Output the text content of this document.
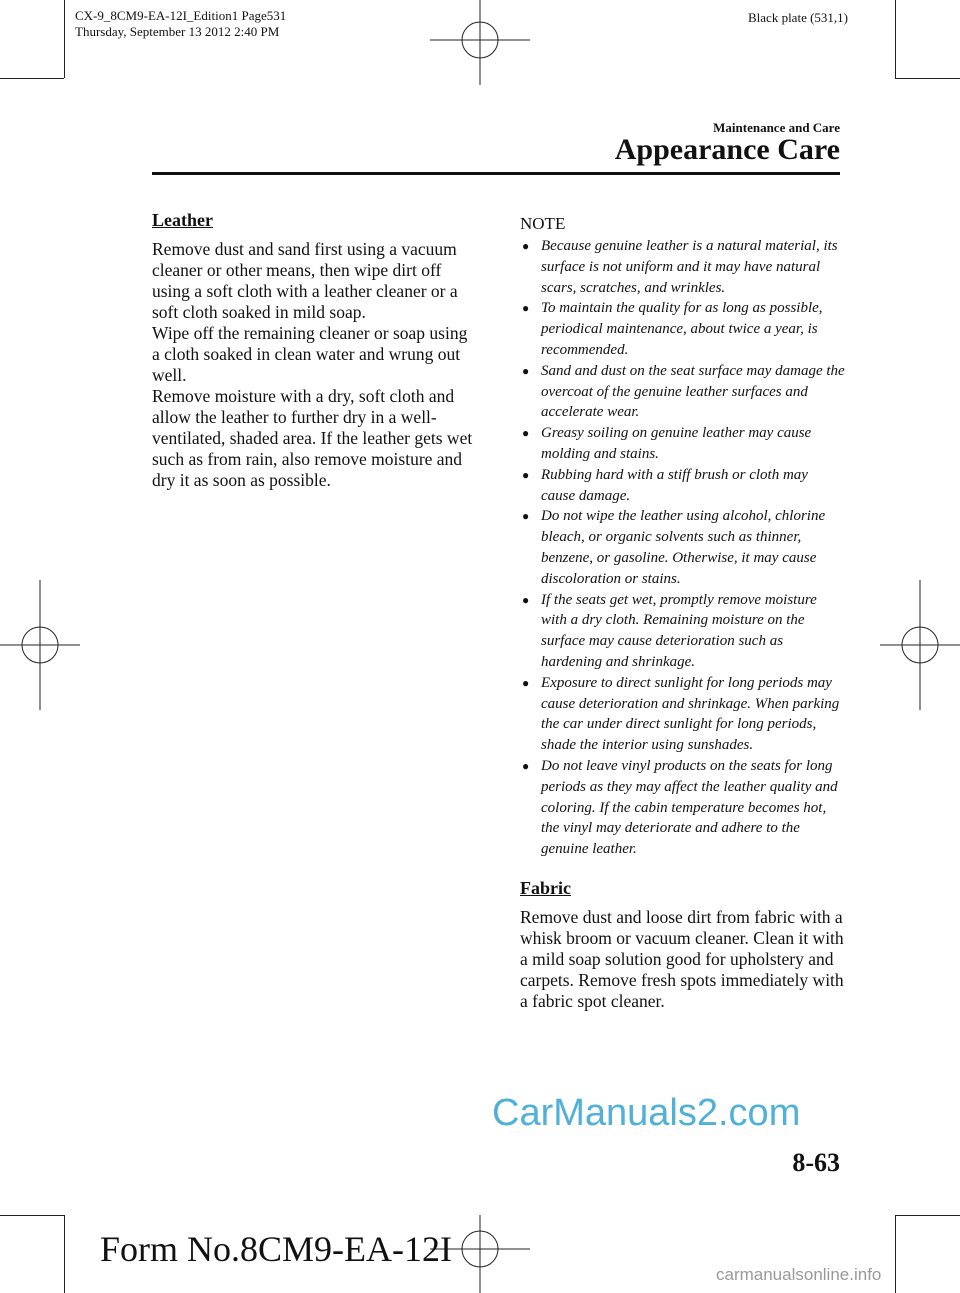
CX-9_8CM9-EA-12I_Edition1 Page531
Thursday, September 13 2012 2:40 PM
Black plate (531,1)
Maintenance and Care
Appearance Care
Leather

Remove dust and sand first using a vacuum cleaner or other means, then wipe dirt off using a soft cloth with a leather cleaner or a soft cloth soaked in mild soap.

Wipe off the remaining cleaner or soap using a cloth soaked in clean water and wrung out well.

Remove moisture with a dry, soft cloth and allow the leather to further dry in a well-ventilated, shaded area. If the leather gets wet such as from rain, also remove moisture and dry it as soon as possible.

NOTE
● Because genuine leather is a natural material, its surface is not uniform and it may have natural scars, scratches, and wrinkles.
● To maintain the quality for as long as possible, periodical maintenance, about twice a year, is recommended.
● Sand and dust on the seat surface may damage the overcoat of the genuine leather surfaces and accelerate wear.
● Greasy soiling on genuine leather may cause molding and stains.
● Rubbing hard with a stiff brush or cloth may cause damage.
● Do not wipe the leather using alcohol, chlorine bleach, or organic solvents such as thinner, benzene, or gasoline. Otherwise, it may cause discoloration or stains.
● If the seats get wet, promptly remove moisture with a dry cloth. Remaining moisture on the surface may cause deterioration such as hardening and shrinkage.
● Exposure to direct sunlight for long periods may cause deterioration and shrinkage. When parking the car under direct sunlight for long periods, shade the interior using sunshades.
● Do not leave vinyl products on the seats for long periods as they may affect the leather quality and coloring. If the cabin temperature becomes hot, the vinyl may deteriorate and adhere to the genuine leather.
Fabric

Remove dust and loose dirt from fabric with a whisk broom or vacuum cleaner. Clean it with a mild soap solution good for upholstery and carpets. Remove fresh spots immediately with a fabric spot cleaner.

CarManuals2.com
8-63
Form No.8CM9-EA-12I
carmanualsonline.info
